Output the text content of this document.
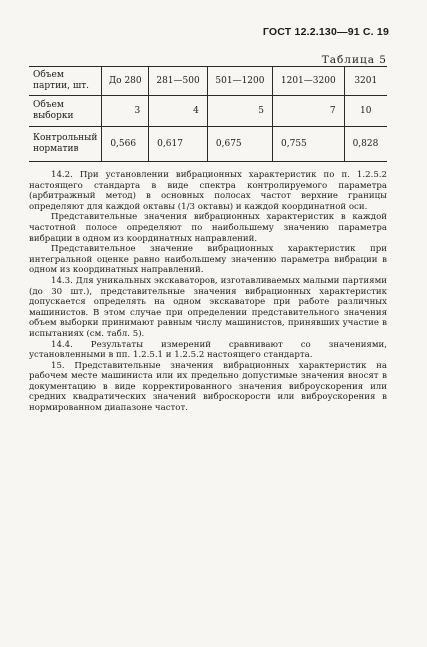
ГОСТ 12.2.130—91 С. 19
Таблица 5
Объем партии, шт.	До 280	281—500	501—1200	1201—3200	3201
Объем выборки	3	4	5	7	10
Контрольный норматив	0,566	0,617	0,675	0,755	0,828

14.2. При установлении вибрационных характеристик по п. 1.2.5.2 настоящего стандарта в виде спектра контролируемого параметра (арбитражный метод) в основных полосах частот верхние границы определяют для каждой октавы (1/3 октавы) и каждой координатной оси.

Представительные значения вибрационных характеристик в каждой частотной полосе определяют по наибольшему значению параметра вибрации в одном из координатных направлений.

Представительное значение вибрационных характеристик при интегральной оценке равно наибольшему значению параметра вибрации в одном из координатных направлений.

14.3. Для уникальных экскаваторов, изготавливаемых малыми партиями (до 30 шт.), представительные значения вибрационных характеристик допускается определять на одном экскаваторе при работе различных машинистов. В этом случае при определении представительного значения объем выборки принимают равным числу машинистов, принявших участие в испытаниях (см. табл. 5).

14.4. Результаты измерений сравнивают со значениями, установленными в пп. 1.2.5.1 и 1.2.5.2 настоящего стандарта.

15. Представительные значения вибрационных характеристик на рабочем месте машиниста или их предельно допустимые значения вносят в документацию в виде корректированного значения виброускорения или средних квадратических значений виброскорости или виброускорения в нормированном диапазоне частот.
